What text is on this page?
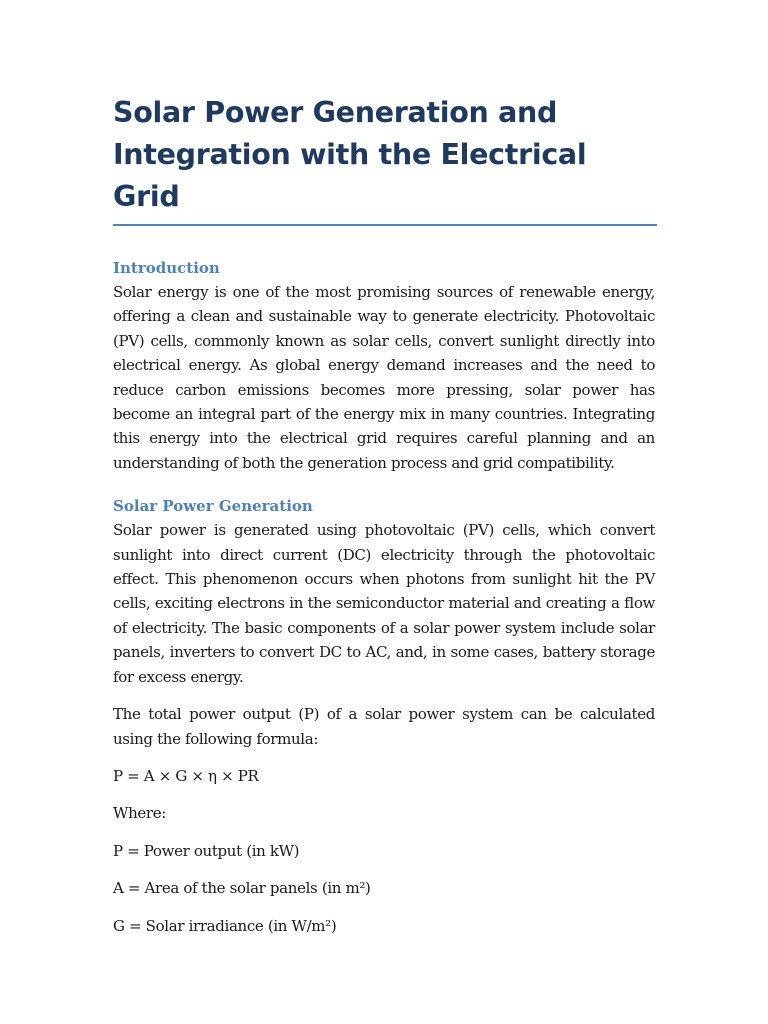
Solar Power Generation and Integration with the Electrical Grid
Introduction

Solar energy is one of the most promising sources of renewable energy, offering a clean and sustainable way to generate electricity. Photovoltaic (PV) cells, commonly known as solar cells, convert sunlight directly into electrical energy. As global energy demand increases and the need to reduce carbon emissions becomes more pressing, solar power has become an integral part of the energy mix in many countries. Integrating this energy into the electrical grid requires careful planning and an understanding of both the generation process and grid compatibility.

Solar Power Generation

Solar power is generated using photovoltaic (PV) cells, which convert sunlight into direct current (DC) electricity through the photovoltaic effect. This phenomenon occurs when photons from sunlight hit the PV cells, exciting electrons in the semiconductor material and creating a flow of electricity. The basic components of a solar power system include solar panels, inverters to convert DC to AC, and, in some cases, battery storage for excess energy.

The total power output (P) of a solar power system can be calculated using the following formula:

P = A × G × η × PR

Where:

P = Power output (in kW)

A = Area of the solar panels (in m²)

G = Solar irradiance (in W/m²)
